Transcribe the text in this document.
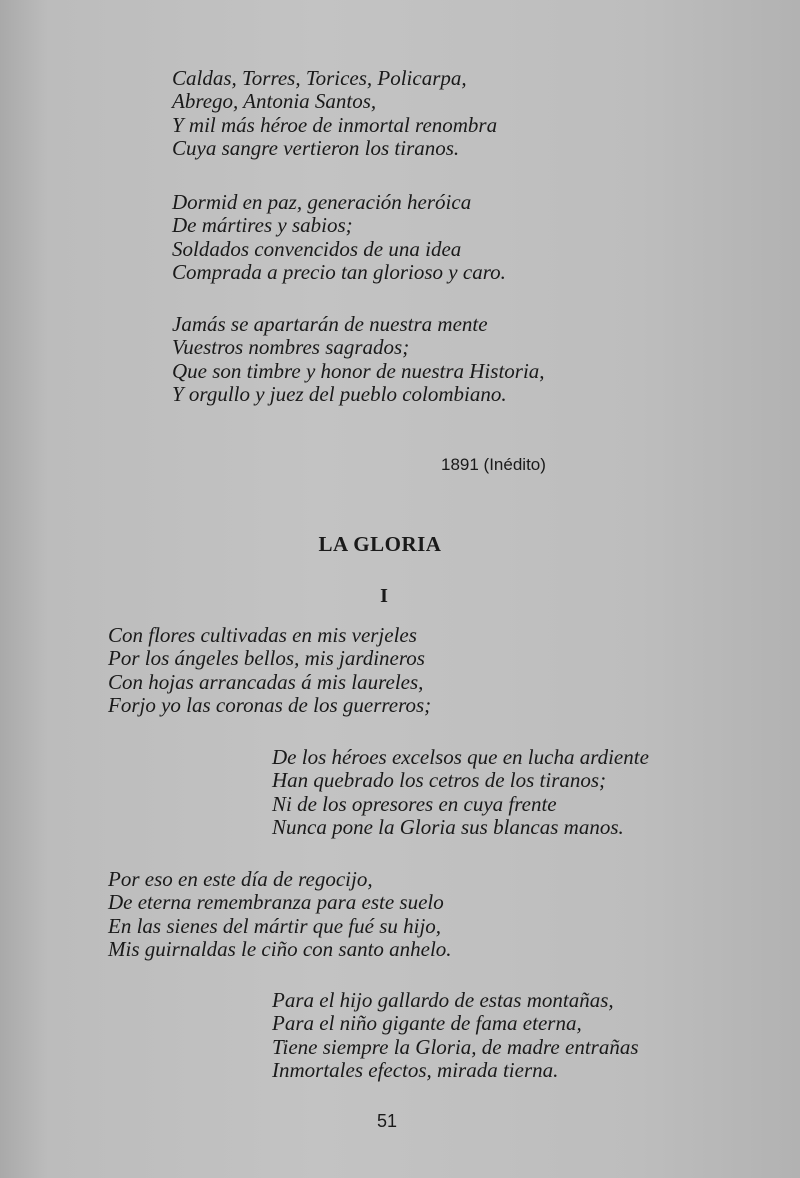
Caldas, Torres, Torices, Policarpa,
Abrego, Antonia Santos,
Y mil más héroe de inmortal renombra
Cuya sangre vertieron los tiranos.
Dormid en paz, generación heróica
De mártires y sabios;
Soldados convencidos de una idea
Comprada a precio tan glorioso y caro.
Jamás se apartarán de nuestra mente
Vuestros nombres sagrados;
Que son timbre y honor de nuestra Historia,
Y orgullo y juez del pueblo colombiano.
1891 (Inédito)
LA GLORIA
I
Con flores cultivadas en mis verjeles
Por los ángeles bellos, mis jardineros
Con hojas arrancadas á mis laureles,
Forjo yo las coronas de los guerreros;
De los héroes excelsos que en lucha ardiente
Han quebrado los cetros de los tiranos;
Ni de los opresores en cuya frente
Nunca pone la Gloria sus blancas manos.
Por eso en este día de regocijo,
De eterna remembranza para este suelo
En las sienes del mártir que fué su hijo,
Mis guirnaldas le ciño con santo anhelo.
Para el hijo gallardo de estas montañas,
Para el niño gigante de fama eterna,
Tiene siempre la Gloria, de madre entrañas
Inmortales efectos, mirada tierna.
51
